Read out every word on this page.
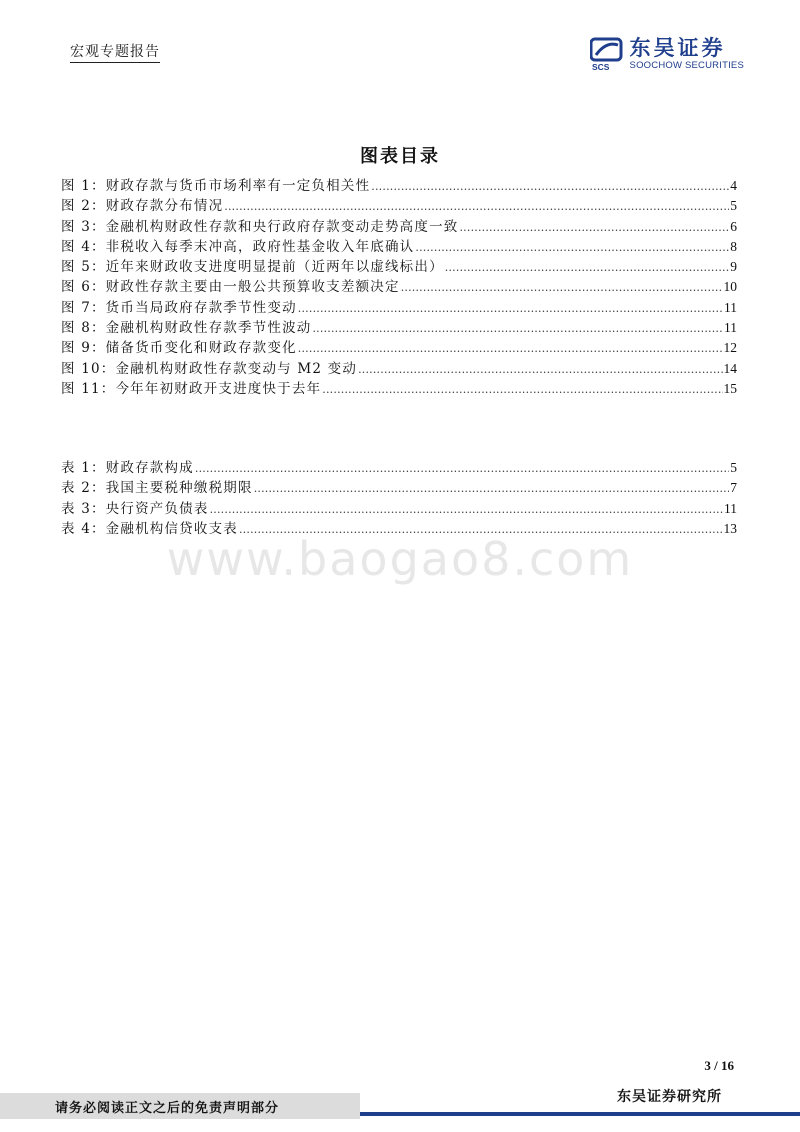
宏观专题报告
SCS
东吴证券
SOOCHOW SECURITIES
图表目录
图 1：财政存款与货币市场利率有一定负相关性 .....	4
图 2：财政存款分布情况 .....	5
图 3：金融机构财政性存款和央行政府存款变动走势高度一致 .....	6
图 4：非税收入每季末冲高，政府性基金收入年底确认 .....	8
图 5：近年来财政收支进度明显提前（近两年以虚线标出） .....	9
图 6：财政性存款主要由一般公共预算收支差额决定 .....	10
图 7：货币当局政府存款季节性变动 .....	11
图 8：金融机构财政性存款季节性波动 .....	11
图 9：储备货币变化和财政存款变化 .....	12
图 10：金融机构财政性存款变动与 M2 变动 .....	14
图 11：今年年初财政开支进度快于去年 .....	15
表 1：财政存款构成 .....	5
表 2：我国主要税种缴税期限 .....	7
表 3：央行资产负债表 .....	11
表 4：金融机构信贷收支表 .....	13
www.baogao8.com
3 / 16
请务必阅读正文之后的免责声明部分
东吴证券研究所
